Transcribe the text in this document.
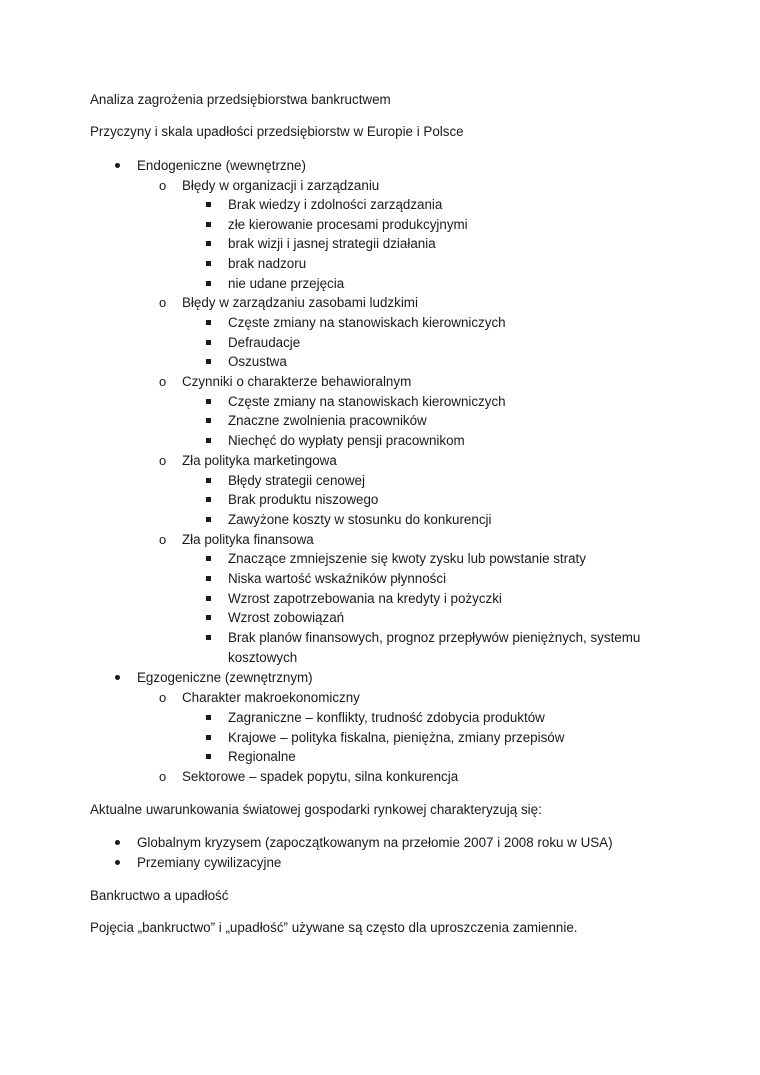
Analiza zagrożenia przedsiębiorstwa bankructwem
Przyczyny i skala upadłości przedsiębiorstw w Europie i Polsce
Endogeniczne (wewnętrzne)
o Błędy w organizacji i zarządzaniu
Brak wiedzy i zdolności zarządzania
złe kierowanie procesami produkcyjnymi
brak wizji i jasnej strategii działania
brak nadzoru
nie udane przejęcia
o Błędy w zarządzaniu zasobami ludzkimi
Częste zmiany na stanowiskach kierowniczych
Defraudacje
Oszustwa
o Czynniki o charakterze behawioralnym
Częste zmiany na stanowiskach kierowniczych
Znaczne zwolnienia pracowników
Niechęć do wypłaty pensji pracownikom
o Zła polityka marketingowa
Błędy strategii cenowej
Brak produktu niszowego
Zawyżone koszty w stosunku do konkurencji
o Zła polityka finansowa
Znaczące zmniejszenie się kwoty zysku lub powstanie straty
Niska wartość wskaźników płynności
Wzrost zapotrzebowania na kredyty i pożyczki
Wzrost zobowiązań
Brak planów finansowych, prognoz przepływów pieniężnych, systemu
kosztowych
Egzogeniczne (zewnętrznym)
o Charakter makroekonomiczny
Zagraniczne – konflikty, trudność zdobycia produktów
Krajowe – polityka fiskalna, pieniężna, zmiany przepisów
Regionalne
o Sektorowe – spadek popytu, silna konkurencja
Aktualne uwarunkowania światowej gospodarki rynkowej charakteryzują się:
Globalnym kryzysem (zapoczątkowanym na przełomie 2007 i 2008 roku w USA)
Przemiany cywilizacyjne
Bankructwo a upadłość
Pojęcia „bankructwo” i „upadłość” używane są często dla uproszczenia zamiennie.
